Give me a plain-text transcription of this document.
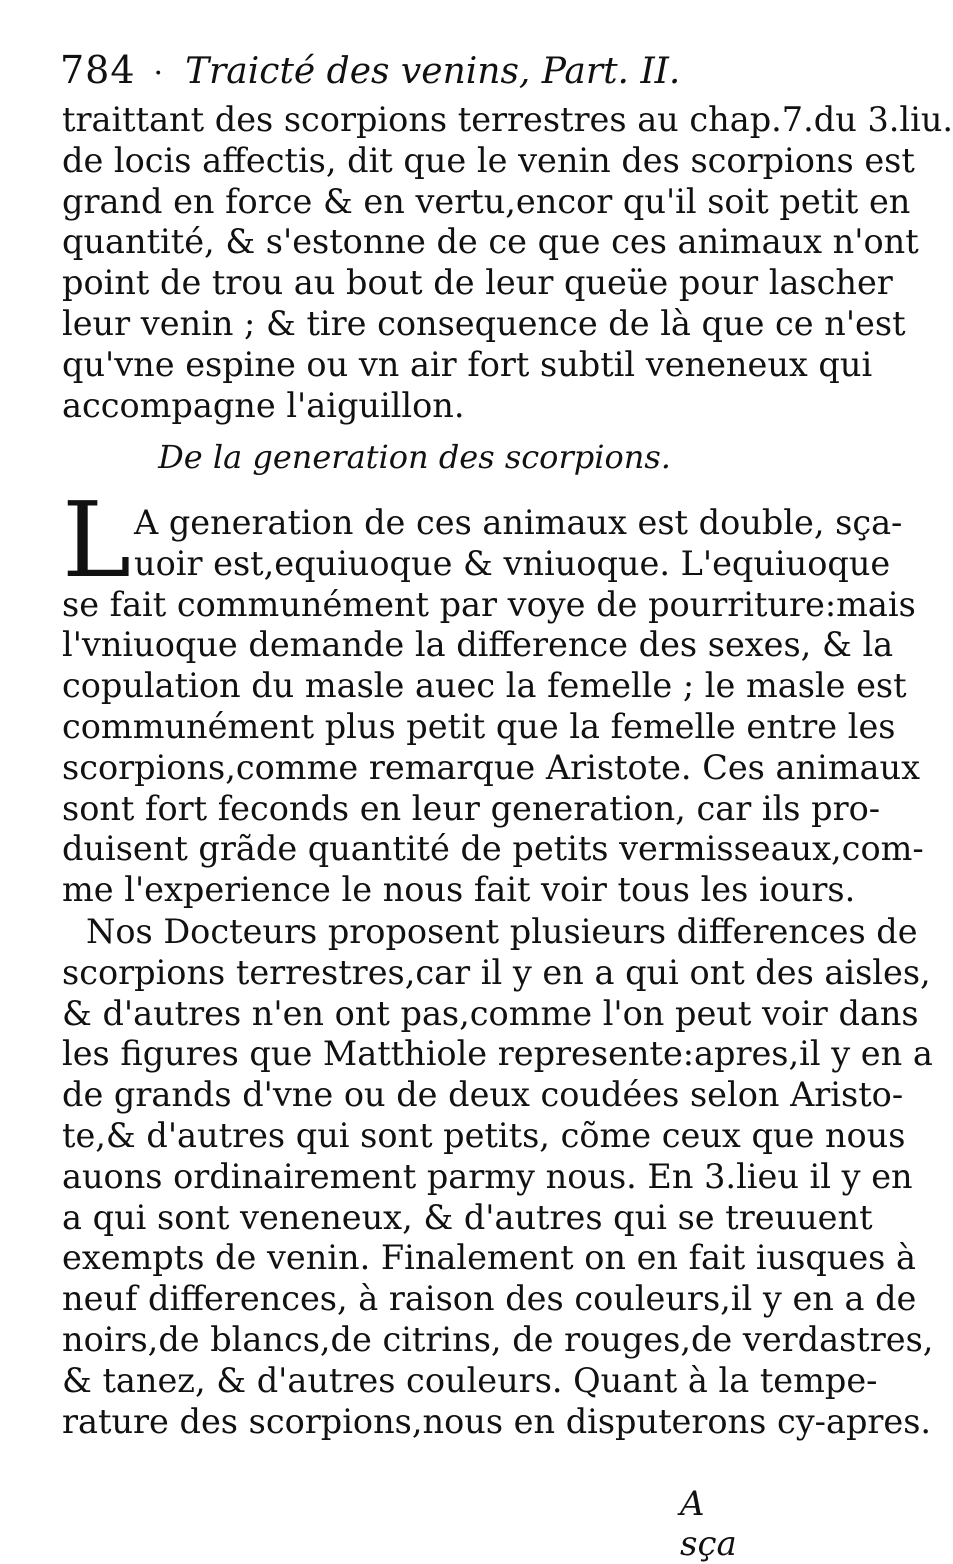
784 · Traicté des venins, Part. II.
traittant des scorpions terrestres au chap.7.du 3.liu.
de locis affectis, dit que le venin des scorpions est
grand en force & en vertu,encor qu'il soit petit en
quantité, & s'estonne de ce que ces animaux n'ont
point de trou au bout de leur queüe pour lascher
leur venin ; & tire consequence de là que ce n'est
qu'vne espine ou vn air fort subtil veneneux qui
accompagne l'aiguillon.
De la generation des scorpions.
L A generation de ces animaux est double, sça-
uoir est,equiuoque & vniuoque. L'equiuoque
se fait communément par voye de pourriture:mais
l'vniuoque demande la difference des sexes, & la
copulation du masle auec la femelle ; le masle est
communément plus petit que la femelle entre les
scorpions,comme remarque Aristote. Ces animaux
sont fort feconds en leur generation, car ils pro-
duisent grãde quantité de petits vermisseaux,com-
me l'experience le nous fait voir tous les iours.
Nos Docteurs proposent plusieurs differences de
scorpions terrestres,car il y en a qui ont des aisles,
& d'autres n'en ont pas,comme l'on peut voir dans
les figures que Matthiole represente:apres,il y en a
de grands d'vne ou de deux coudées selon Aristo-
te,& d'autres qui sont petits, cõme ceux que nous
auons ordinairement parmy nous. En 3.lieu il y en
a qui sont veneneux, & d'autres qui se treuuent
exempts de venin. Finalement on en fait iusques à
neuf differences, à raison des couleurs,il y en a de
noirs,de blancs,de citrins, de rouges,de verdastres,
& tanez, & d'autres couleurs. Quant à la tempe-
rature des scorpions,nous en disputerons cy-apres.
A sça
